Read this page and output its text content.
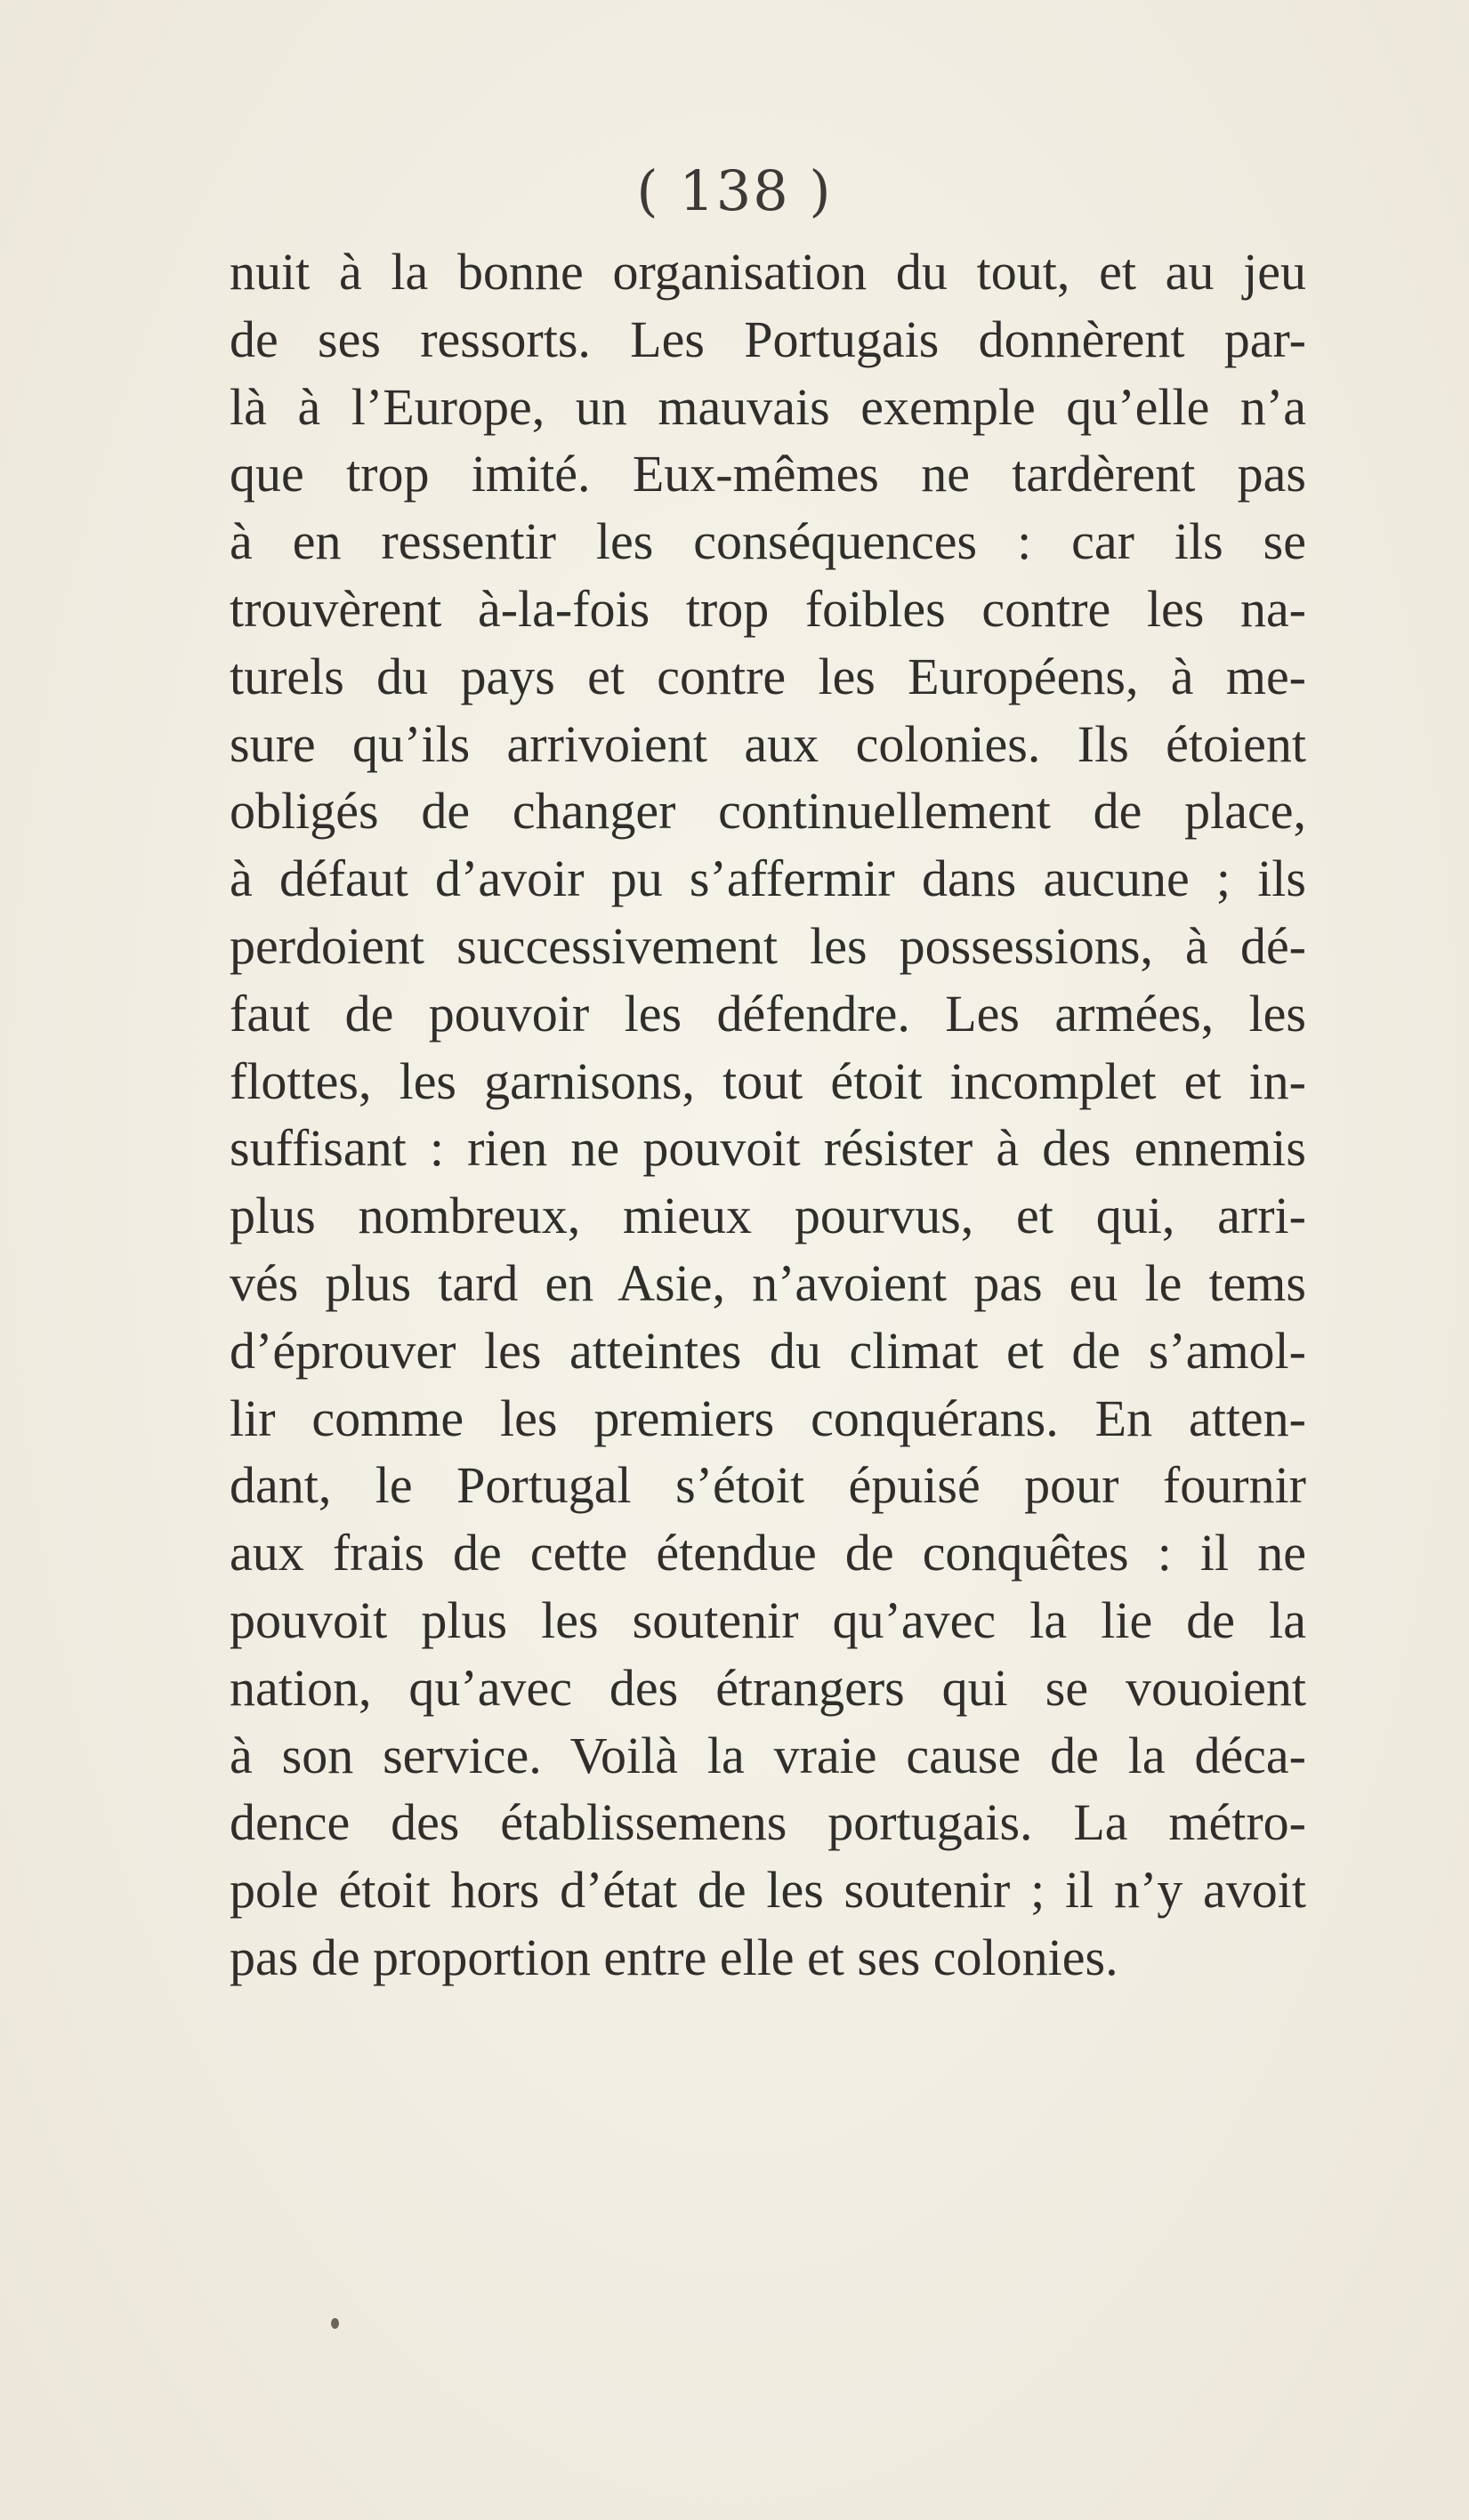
( 138 )
nuit à la bonne organisation du tout, et au jeu
de ses ressorts. Les Portugais donnèrent par-
là à l’Europe, un mauvais exemple qu’elle n’a
que trop imité. Eux-mêmes ne tardèrent pas
à en ressentir les conséquences : car ils se
trouvèrent à-la-fois trop foibles contre les na-
turels du pays et contre les Européens, à me-
sure qu’ils arrivoient aux colonies. Ils étoient
obligés de changer continuellement de place,
à défaut d’avoir pu s’affermir dans aucune ; ils
perdoient successivement les possessions, à dé-
faut de pouvoir les défendre. Les armées, les
flottes, les garnisons, tout étoit incomplet et in-
suffisant : rien ne pouvoit résister à des ennemis
plus nombreux, mieux pourvus, et qui, arri-
vés plus tard en Asie, n’avoient pas eu le tems
d’éprouver les atteintes du climat et de s’amol-
lir comme les premiers conquérans. En atten-
dant, le Portugal s’étoit épuisé pour fournir
aux frais de cette étendue de conquêtes : il ne
pouvoit plus les soutenir qu’avec la lie de la
nation, qu’avec des étrangers qui se vouoient
à son service. Voilà la vraie cause de la déca-
dence des établissemens portugais. La métro-
pole étoit hors d’état de les soutenir ; il n’y avoit
pas de proportion entre elle et ses colonies.
